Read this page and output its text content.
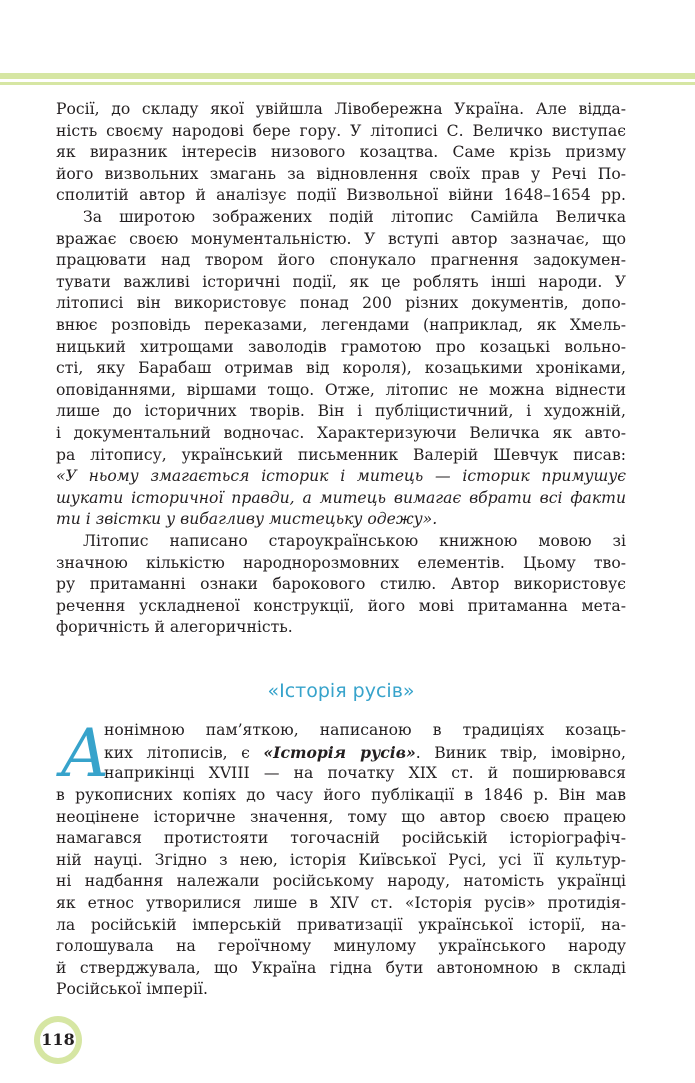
Росії, до складу якої увійшла Лівобережна Україна. Але відда-
ність своєму народові бере гору. У літописі С. Величко виступає
як виразник інтересів низового козацтва. Саме крізь призму
його визвольних змагань за відновлення своїх прав у Речі По-
сполитій автор й аналізує події Визвольної війни 1648–1654 рр.
За широтою зображених подій літопис Самійла Величка
вражає своєю монументальністю. У вступі автор зазначає, що
працювати над твором його спонукало прагнення задокумен-
тувати важливі історичні події, як це роблять інші народи. У
літописі він використовує понад 200 різних документів, допо-
внює розповідь переказами, легендами (наприклад, як Хмель-
ницький хитрощами заволодів грамотою про козацькі вольно-
сті, яку Барабаш отримав від короля), козацькими хроніками,
оповіданнями, віршами тощо. Отже, літопис не можна віднести
лише до історичних творів. Він і публіцистичний, і художній,
і документальний водночас. Характеризуючи Величка як авто-
ра літопису, український письменник Валерій Шевчук писав:
«У ньому змагається історик і митець — історик примушує
шукати історичної правди, а митець вимагає вбрати всі факти
ти і звістки у вибагливу мистецьку одежу».
Літопис написано староукраїнською книжною мовою зі
значною кількістю народнорозмовних елементів. Цьому тво-
ру притаманні ознаки барокового стилю. Автор використовує
речення ускладненої конструкції, його мові притаманна мета-
форичність й алегоричність.
«Історія русів»
А
нонімною пам’яткою, написаною в традиціях козаць-
ких літописів, є «Історія русів». Виник твір, імовірно,
наприкінці XVIII — на початку XIX ст. й поширювався
в рукописних копіях до часу його публікації в 1846 р. Він мав
неоцінене історичне значення, тому що автор своєю працею
намагався протистояти тогочасній російській історіографіч-
ній науці. Згідно з нею, історія Київської Русі, усі її культур-
ні надбання належали російському народу, натомість українці
як етнос утворилися лише в XIV ст. «Історія русів» протидія-
ла російській імперській приватизації української історії, на-
голошувала на героїчному минулому українського народу
й стверджувала, що Україна гідна бути автономною в складі
Російської імперії.
118
